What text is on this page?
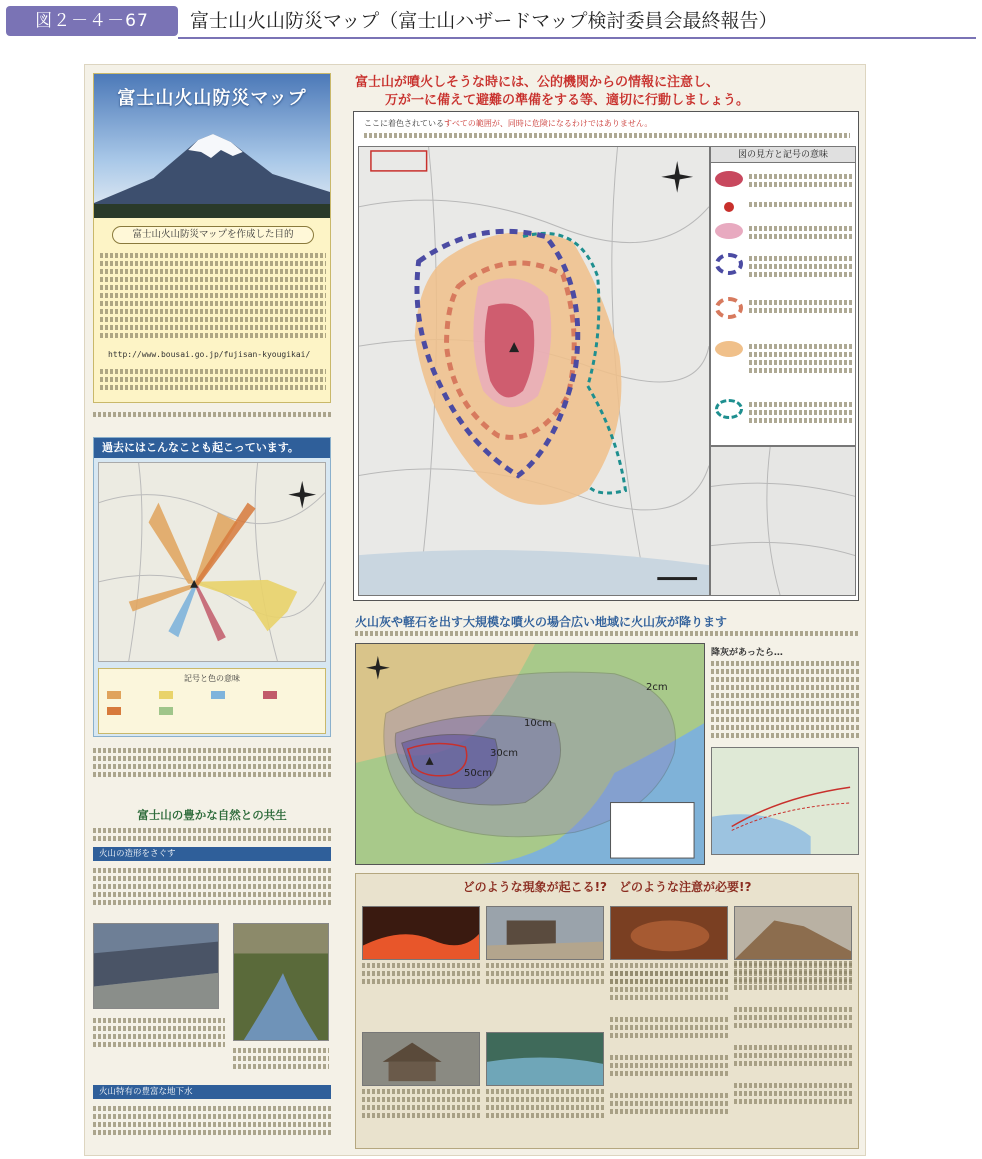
図２－４－67	富士山火山防災マップ（富士山ハザードマップ検討委員会最終報告）
富士山火山防災マップ
富士山火山防災マップを作成した目的
http://www.bousai.go.jp/fujisan-kyougikai/
過去にはこんなことも起こっています。
記号と色の意味
富士山の豊かな自然との共生
火山の造形をさぐす
火山特有の豊富な地下水
富士山が噴火しそうな時には、公的機関からの情報に注意し、
万が一に備えて避難の準備をする等、適切に行動しましょう。
ここに着色されているすべての範囲が、同時に危険になるわけではありません。
図の見方と記号の意味
火山灰や軽石を出す大規模な噴火の場合広い地域に火山灰が降ります
2cm
10cm
30cm
50cm
降灰があったら…
どのような現象が起こる!?　どのような注意が必要!?
